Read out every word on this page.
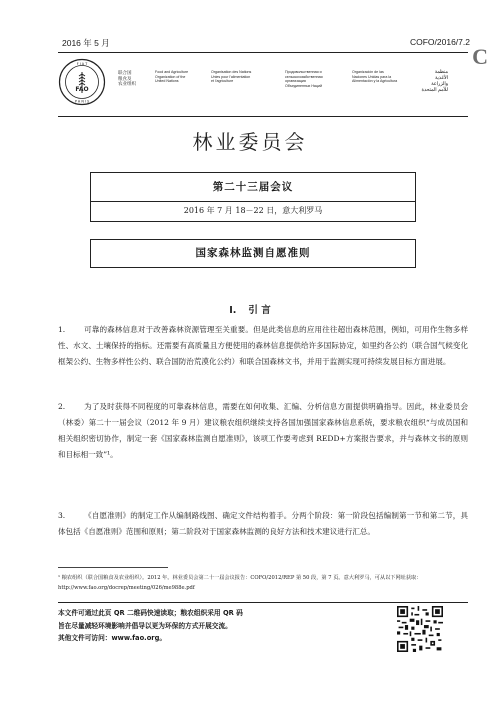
2016 年 5 月	COFO/2016/7.2
C
F I A T
P A N I S
FAO
联合国
粮食及
农业组织
Food and Agriculture
Organization of the
United Nations
Organisation des Nations
Unies pour l'alimentation
et l'agriculture
Продовольственная и
сельскохозяйственная организация
Объединенных Наций
Organización de las
Naciones Unidas para la
Alimentación y la Agricultura
منظمة
الأغذية والزراعة
للأمم المتحدة
林业委员会
第二十三届会议
2016 年 7 月 18－22 日，意大利罗马
国家森林监测自愿准则
I. 引 言
1. 可靠的森林信息对于改善森林资源管理至关重要。但是此类信息的应用往往超出森林范围，例如，可用作生物多样性、水文、土壤保持的指标。还需要有高质量且方便使用的森林信息提供给许多国际协定，如里约各公约（联合国气候变化框架公约、生物多样性公约、联合国防治荒漠化公约）和联合国森林文书，并用于监测实现可持续发展目标方面进展。
2. 为了及时获得不同程度的可靠森林信息，需要在如何收集、汇编、分析信息方面提供明确指导。因此，林业委员会（林委）第二十一届会议（2012 年 9 月）建议粮农组织继续支持各国加强国家森林信息系统，要求粮农组织“与成员国和相关组织密切协作，制定一套《国家森林监测自愿准则》，该项工作要考虑到 REDD+方案报告要求，并与森林文书的原则和目标相一致”¹。
3. 《自愿准则》的制定工作从编制路线图、确定文件结构着手。分两个阶段：第一阶段包括编制第一节和第二节，具体包括《自愿准则》范围和原则；第二阶段对于国家森林监测的良好方法和技术建议进行汇总。
¹ 粮农组织（联合国粮食及农业组织）。2012 年。林业委员会第二十一届会议报告：COFO/2012/REP 第 50 段，第 7 页。意大利罗马，可从以下网址获取：http://www.fao.org/docrep/meeting/026/me988e.pdf
本文件可通过此页 QR 二维码快速读取；粮农组织采用 QR 码
旨在尽量减轻环境影响并倡导以更为环保的方式开展交流。
其他文件可访问：www.fao.org。
